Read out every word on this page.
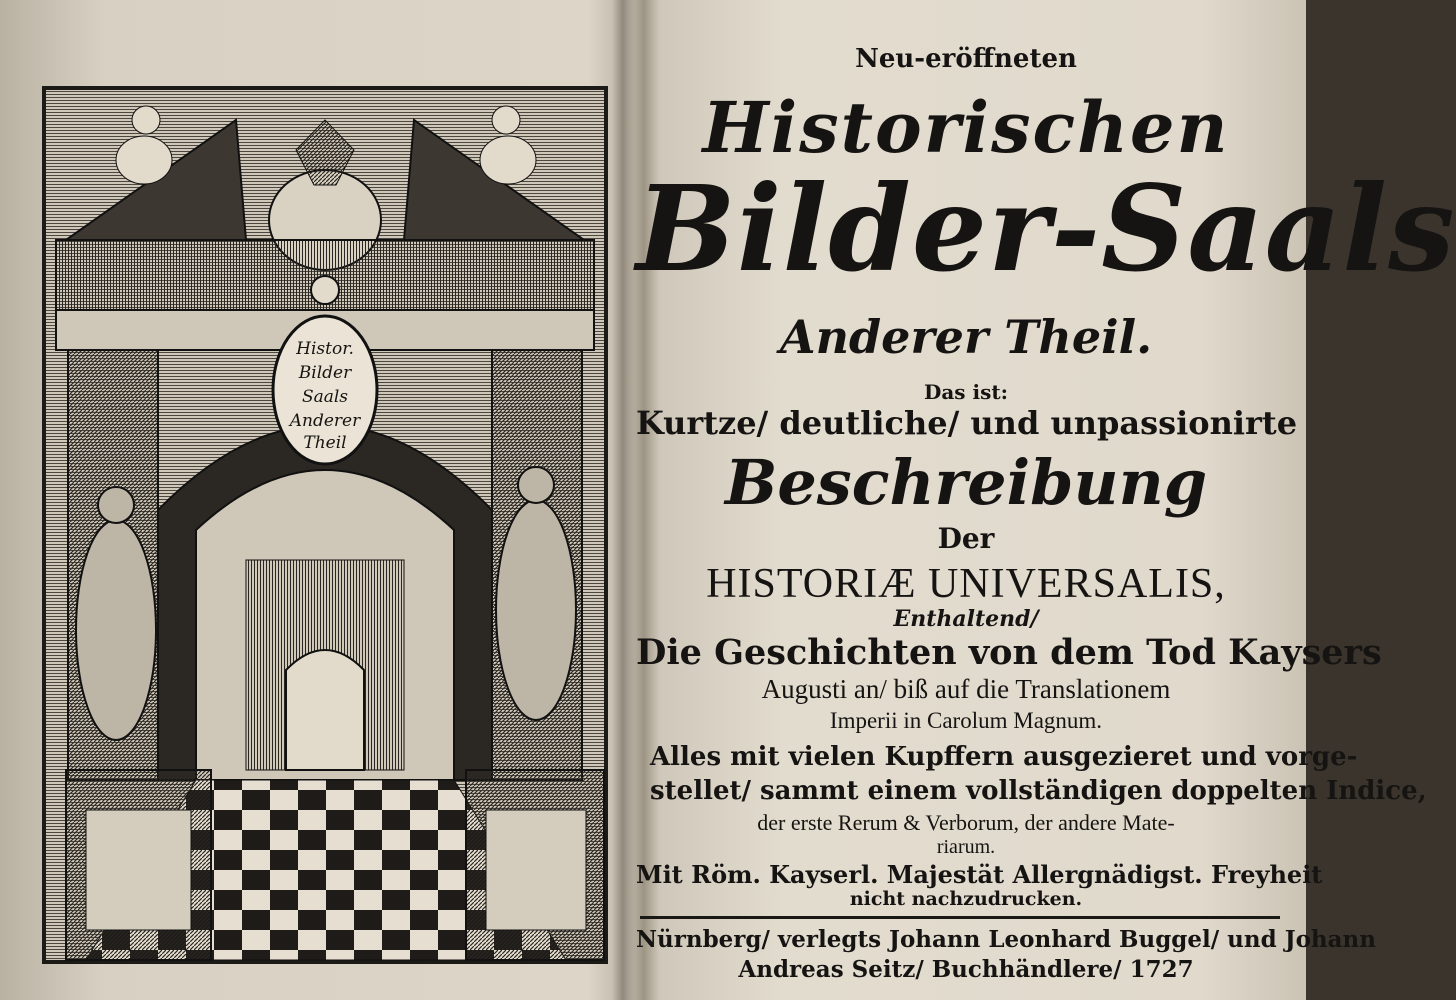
Histor.
Bilder
Saals
Anderer
Theil
Neu-eröffneten
Historischen
Bilder-Saals
Anderer Theil.
Das ist:
Kurtze/ deutliche/ und unpassionirte
Beschreibung
Der
HISTORIÆ UNIVERSALIS,
Enthaltend/
Die Geschichten von dem Tod Kaysers
Augusti an/ biß auf die Translationem
Imperii in Carolum Magnum.
Alles mit vielen Kupffern ausgezieret und vorge-
stellet/ sammt einem vollständigen doppelten Indice,
der erste Rerum & Verborum, der andere Mate-
riarum.
Mit Röm. Kayserl. Majestät Allergnädigst. Freyheit
nicht nachzudrucken.
Nürnberg/ verlegts Johann Leonhard Buggel/ und Johann
Andreas Seitz/ Buchhändlere/ 1727
